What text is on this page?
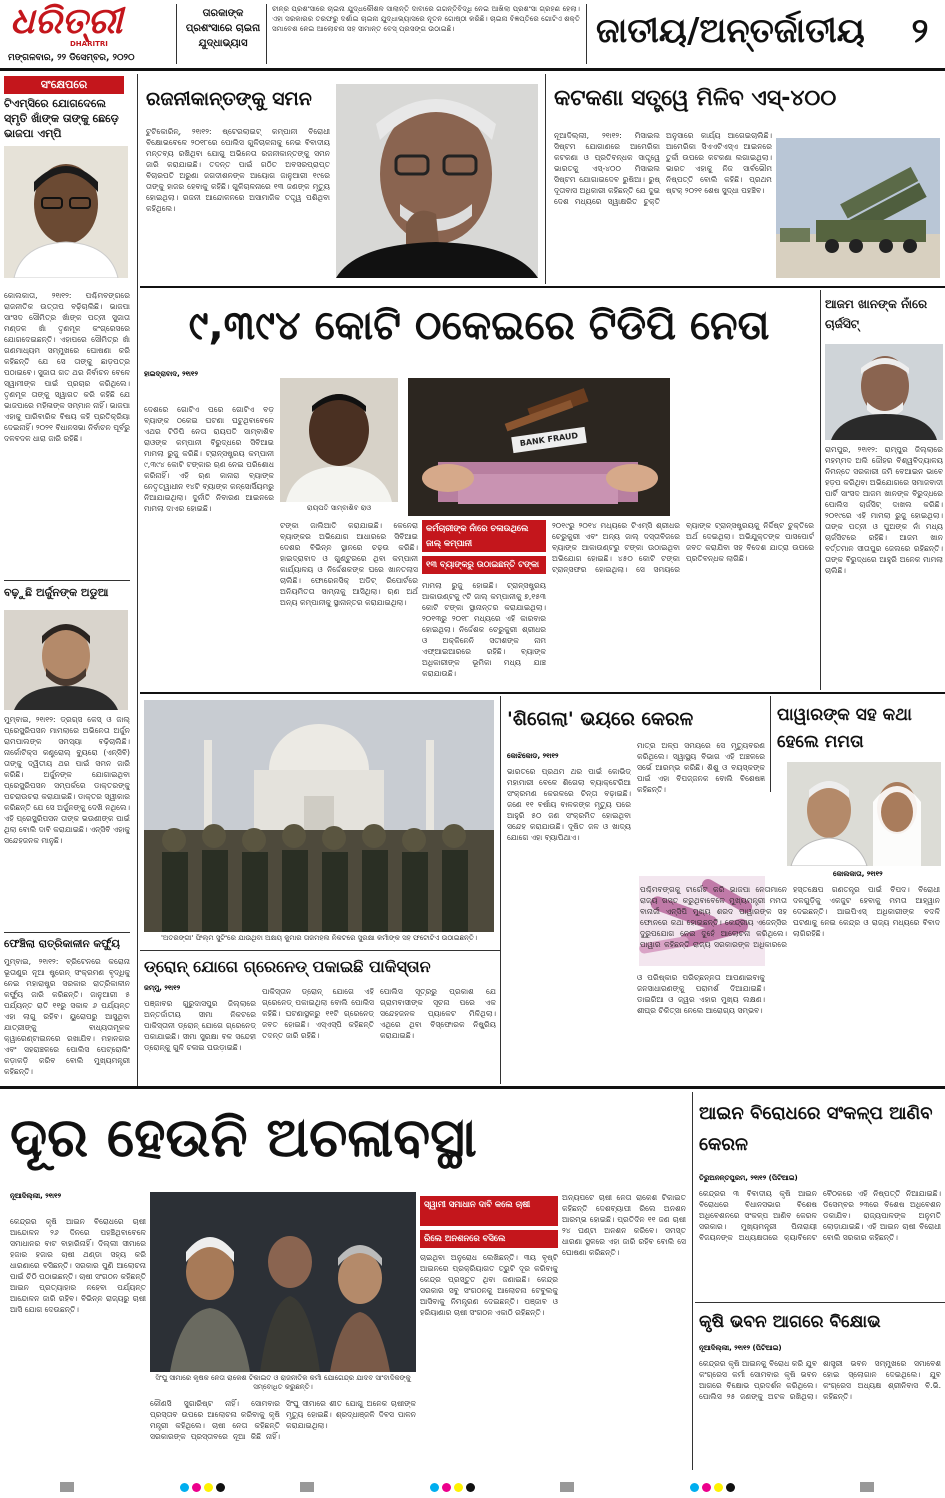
ଧରିତ୍ରୀ
DHARITRI
ମଙ୍ଗଳବାର, ୨୨ ଡିସେମ୍ବର, ୨୦୨୦
ତାରକାଙ୍କ ପ୍ରଶଂସାରେ ଚାଇନା ଯୁଦ୍ଧାଭ୍ୟାସ
ଚୀନ୍‌ର ପ୍ରଶଂସାରେ ଚାଇନା ଯୁଦ୍ଧକୌଶଳ ସାଲାନ୍ତି ଦାବାରେ ଗଗନ୍ତିବିଦ୍ଧି ନେଇ ଆଖିଲା ପ୍ରଶଂସା ଗ୍ରହଣ ହେଲା। ଏହା ସରକାରର ତରଫରୁ ଦର୍ଶାଇ ଚାଇନା ଯୁଦ୍ଧାଭ୍ୟାସରେ ନୂତନ ଗୋଷ୍ଠୀ କରିଛି। ଚାଇନା ବିଜ୍ଞପ୍ତିରେ ଗୋଟିଏ ଶକ୍ତି ସମାବେଶ ନେଇ ଆଲୋଚନା ସହ ସୀମାନ୍ତ ବେସ୍ ପ୍ରସଙ୍ଗ ଉଠାଇଛି।	ଜାତୀୟ/ଅନ୍ତର୍ଜାତୀୟ	୨
ସଂକ୍ଷେପରେ
ଟିଏମ୍‌ସିରେ ଯୋଗଦେଲେ ସ୍ମୃତି ଖାଁଙ୍କ ତାଙ୍କୁ ଛେଡ଼େ ଭାଜପା ଏମ୍‌ପି
କୋଲକାତା, ୨୧ା୧୨: ପଶ୍ଚିମବଙ୍ଗରେ ରାଜନୀତିକ ଉତ୍ତାପ ବଢ଼ିଚାଲିଛି। ଭାଜପା ସାଂସଦ ସୌମିତ୍ର ଖାଁଙ୍କ ପତ୍ନୀ ସୁଜାତା ମଣ୍ଡଳ ଖାଁ ତୃଣମୂଳ କଂଗ୍ରେସରେ ଯୋଗଦେଇଛନ୍ତି। ଏହାପରେ ସୌମିତ୍ର ଖାଁ ଗଣମାଧ୍ୟମ ସମ୍ମୁଖରେ ଘୋଷଣା କରି କହିଛନ୍ତି ଯେ ସେ ତାଙ୍କୁ ଛାଡ଼ପତ୍ର ପଠାଇବେ। ସୁଜାତା ଗତ ଥର ନିର୍ବାଚନ ବେଳେ ସ୍ୱାମୀଙ୍କ ପାଇଁ ପ୍ରଚାର କରିଥିଲେ। ତୃଣମୂଳ ତାଙ୍କୁ ସ୍ୱାଗତ କରି କହିଛି ଯେ ଭାଜପାରେ ମହିଳାଙ୍କ ସମ୍ମାନ ନାହିଁ। ଭାଜପା ଏହାକୁ ପାରିବାରିକ ବିଷୟ କହି ପ୍ରତିକ୍ରିୟା ଦେଇନାହିଁ। ୨୦୨୧ ବିଧାନସଭା ନିର୍ବାଚନ ପୂର୍ବରୁ ଦଳବଦଳ ଧାରା ଜାରି ରହିଛି।
ବଢ଼ୁଛି ଅର୍ଜୁନଙ୍କ ଅଡୁଆ
ମୁମ୍ବାଇ, ୨୧ା୧୨: ଡ୍ରଗ୍ସ କେସ୍ ଓ ଜାଲ୍ ପ୍ରେସ୍କ୍ରିପସନ ମାମଲାରେ ଅଭିନେତା ଅର୍ଜୁନ ରାମପାଲଙ୍କ ସମସ୍ୟା ବଢ଼ିଚାଲିଛି। ନାର୍କୋଟିକ୍ସ କଣ୍ଟ୍ରୋଲ୍ ବ୍ୟୁରୋ (ଏନ୍‌ସିବି) ତାଙ୍କୁ ଦ୍ୱିତୀୟ ଥର ପାଇଁ ସମନ ଜାରି କରିଛି। ଅର୍ଜୁନଙ୍କ ଯୋଗାଇଥିବା ପ୍ରେସ୍କ୍ରିପସନ ସମ୍ପର୍କରେ ଡାକ୍ତରଙ୍କୁ ପଚରାଉଚରା କରାଯାଇଛି। ଡାକ୍ତର ସ୍ୱୀକାର କରିଛନ୍ତି ଯେ ସେ ଅର୍ଜୁନଙ୍କୁ ଦେଖି ନଥିଲେ। ଏହି ପ୍ରେସ୍କ୍ରିପସନ ତାଙ୍କ ଭଉଣୀଙ୍କ ପାଇଁ ଥିଲା ବୋଲି ଦାବି କରାଯାଇଛି। ଏନ୍‌ସିବି ଏହାକୁ ସନ୍ଦେହଜନକ ମାନୁଛି।
ଫେଞ୍ଚିଲା ରାତ୍ରିକାଳୀନ କର୍ଫ୍ୟୁ
ମୁମ୍ବାଇ, ୨୧ା୧୨: ବ୍ରିଟେନରେ କରୋନା ଭୂତାଣୁର ନୂଆ ଷ୍ଟ୍ରେନ୍ ସଂକ୍ରମଣ ବୃଦ୍ଧିକୁ ନେଇ ମହାରାଷ୍ଟ୍ର ସରକାର ରାତ୍ରିକାଳୀନ କର୍ଫ୍ୟୁ ଜାରି କରିଛନ୍ତି। ଜାନୁଆରୀ ୫ ପର୍ଯ୍ୟନ୍ତ ରାତି ୧୧ରୁ ସକାଳ ୬ ପର୍ଯ୍ୟନ୍ତ ଏହା ଲାଗୁ ରହିବ। ୟୁରୋପରୁ ଆସୁଥିବା ଯାତ୍ରୀଙ୍କୁ ବାଧ୍ୟତାମୂଳକ କ୍ୱାରେଣ୍ଟାଇନରେ ରଖାଯିବ। ମହାନଗର ଏବଂ ସହରାଞ୍ଚଳରେ ପୋଲିସ ପେଟ୍ରୋଲିଂ କଡ଼ାକଡ଼ି କରିବ ବୋଲି ମୁଖ୍ୟମନ୍ତ୍ରୀ କହିଛନ୍ତି।
ରଜନୀକାନ୍ତଙ୍କୁ ସମନ
ଟୁଟିକୋରିନ୍, ୨୧ା୧୨: ଷ୍ଟେରଲାଇଟ୍ କମ୍ପାନୀ ବିରୋଧୀ ବିକ୍ଷୋଭବେଳେ ୨୦୧୮ରେ ପୋଲିସ ଗୁଳିଚାଳନାକୁ ନେଇ ବିବାଦୀୟ ମନ୍ତବ୍ୟ ରଖିଥିବା ଯୋଗୁ ଅଭିନେତା ରଜନୀକାନ୍ତଙ୍କୁ ସମନ ଜାରି କରାଯାଇଛି। ତଦନ୍ତ ପାଇଁ ଗଠିତ ଅବସରପ୍ରାପ୍ତ ବିଚାରପତି ଅରୁଣା ଜଗଦୀଶନଙ୍କ ଆୟୋଗ ଜାନୁଆରୀ ୧୯ରେ ତାଙ୍କୁ ହାଜର ହେବାକୁ କହିଛି। ଗୁଳିଚାଳନାରେ ୧୩ ଜଣଙ୍କ ମୃତ୍ୟୁ ହୋଇଥିଲା। ରଜନୀ ଆନ୍ଦୋଳନରେ ଅସାମାଜିକ ତତ୍ତ୍ୱ ପଶିଥିବା କହିଥିଲେ।
କଟକଣା ସତ୍ତ୍ୱେ ମିଳିବ ଏସ୍‌-୪୦୦
ନୂଆଦିଲ୍ଲୀ, ୨୧ା୧୨: ମିସାଇଲ ସିଷ୍ଟମ ଯୋଗାଣରେ ଆମେରିକା କଟକଣା ଓ ପ୍ରତିବନ୍ଧକ ସାତ୍ତ୍ୱେ ଭାରତକୁ ଏସ୍‌-୪୦୦ ମିସାଇଲ ସିଷ୍ଟମ ଯୋଗାଇଦେବ ରୁଷିଆ। ରୁଷ୍‌ ଦୂତାବାସ ଅଧିକାରୀ କହିଛନ୍ତି ଯେ ଦୁଇ ଦେଶ ମଧ୍ୟରେ ସ୍ୱାକ୍ଷରିତ ଚୁକ୍ତି ଅନୁସାରେ କାର୍ଯ୍ୟ ଆଗେଇଚାଲିଛି। ଆମେରିକା ସିଏଏଟିଏସ୍‌ଏ ଆଇନରେ ତୁର୍କୀ ଉପରେ କଟକଣା ଲଗାଇଥିଲା। ଭାରତ ଏହାକୁ ନିଜ ସାର୍ବଭୌମ ନିଷ୍ପତ୍ତି ବୋଲି କହିଛି। ପ୍ରଥମ ଷ୍ଟକ୍ ୨୦୨୧ ଶେଷ ସୁଦ୍ଧା ପହଞ୍ଚିବ।
୯,୩୯୪ କୋଟି ଠକେଇରେ ଟିଡିପି ନେତା
ହାଇଦ୍ରାବାଦ, ୨୧ା୧୨
ଦେଶରେ ଗୋଟିଏ ପରେ ଗୋଟିଏ ବଡ଼ ବ୍ୟାଙ୍କ ଠକେଇ ଘଟଣା ଘଟୁଥିବାବେଳେ ଏଥର ଟିଡିପି ନେତା ରାୟପତି ସାମ୍ବାଶିବ ରାଓଙ୍କ କମ୍ପାନୀ ବିରୁଦ୍ଧରେ ସିବିଆଇ ମାମଲା ରୁଜୁ କରିଛି। ଟ୍ରାନ୍ସଷ୍ଟ୍ରୟ କମ୍ପାନୀ ୯,୩୯୪ କୋଟି ଟଙ୍କାର ଋଣ ନେଇ ପରିଶୋଧ କରିନାହିଁ। ଏହି ଋଣ କାନାରା ବ୍ୟାଙ୍କ ନେତୃତ୍ୱାଧୀନ ୧୪ଟି ବ୍ୟାଙ୍କ କନ୍‌ସୋର୍ସିୟମରୁ ନିଆଯାଇଥିଲା। ଦୁର୍ନୀତି ନିବାରଣ ଆଇନରେ ମାମଲା ଦାଏର ହୋଇଛି।	ରାୟପତି ସାମ୍ବାଶିବ ରାଓ
BANK FRAUD
ଟଙ୍କା ଜାଲିଆତି କରାଯାଇଛି। କେନେରା ବ୍ୟାଙ୍କର ଅଭିଯୋଗ ଆଧାରରେ ସିବିଆଇ ଦେଶର ବିଭିନ୍ନ ସ୍ଥାନରେ ଚଢ଼ଉ କରିଛି। ହାଇଦ୍ରାବାଦ ଓ ଗୁଣ୍ଟୁରରେ ଥିବା କମ୍ପାନୀ କାର୍ଯ୍ୟାଳୟ ଓ ନିର୍ଦ୍ଦେଶକଙ୍କ ଘରେ ଖାନତଲାସ ଚାଲିଛି। ଫୋରେନସିକ୍ ଅଡିଟ୍ ରିପୋର୍ଟରେ ଅନିୟମିତତା ସାମ୍ନାକୁ ଆସିଥିଲା। ଋଣ ଅର୍ଥ ଅନ୍ୟ କମ୍ପାନୀକୁ ସ୍ଥାନାନ୍ତର କରାଯାଇଥିଲା।
କର୍ମଚାରୀଙ୍କ ନାଁରେ ଚଳାଉଥିଲେ ଜାଲ୍ କମ୍ପାନୀ
୧୩ ବ୍ୟାଙ୍କରୁ ଉଠାଇଛନ୍ତି ଟଙ୍କା
ମାମଲା ରୁଜୁ ହୋଇଛି। ଟ୍ରାନ୍ସଷ୍ଟ୍ରୟ ଆକାଉଣ୍ଟକୁ ୯ଟି ଜାଲ୍ କମ୍ପାନୀକୁ ୭,୧୫୩ କୋଟି ଟଙ୍କା ସ୍ଥାନାନ୍ତର କରାଯାଇଥିଲା। ୨୦୧୩ରୁ ୨୦୧୮ ମଧ୍ୟରେ ଏହି କାରବାର ହୋଇଥିଲା। ନିର୍ଦ୍ଦେଶକ ଚେରୁକୁରୀ ଶ୍ରୀଧର ଓ ଅକ୍କିନେନି ସତୀଶଙ୍କ ନାମ ଏଫ୍‌ଆଇଆରରେ ରହିଛି। ବ୍ୟାଙ୍କ ଅଧିକାରୀଙ୍କ ଭୂମିକା ମଧ୍ୟ ଯାଞ୍ଚ କରାଯାଉଛି।
୨୦୧୯ରୁ ୨୦୧୪ ମଧ୍ୟରେ ଟିଏମ୍‌ସି ଶ୍ରୀଧର ଚେରୁକୁରୀ ଏବଂ ଅନ୍ୟ ଜାଲ୍ ଦସ୍ତାବିଜରେ ବ୍ୟାଙ୍କ ଆକାଉଣ୍ଟରୁ ଟଙ୍କା ଉଠାଇଥିବା ଅଭିଯୋଗ ହୋଇଛି। ୪୫୦ କୋଟି ଟଙ୍କା ଟ୍ରାନ୍ସଫର ହୋଇଥିଲା। ସେ ସମୟରେ ବ୍ୟାଙ୍କ ଟ୍ରାନ୍ସଷ୍ଟ୍ରୟକୁ ନିର୍ଦ୍ଦିଷ୍ଟ ଚୁକ୍ତିରେ ଅର୍ଥ ଦେଇଥିଲା। ଅଭିଯୁକ୍ତଙ୍କ ପାସପୋର୍ଟ ଜବତ କରାଯିବା ସହ ବିଦେଶ ଯାତ୍ରା ଉପରେ ପ୍ରତିବନ୍ଧକ ଲାଗିଛି।
ଆଜମ ଖାନଙ୍କ ନାଁରେ ଚାର୍ଜସିଟ୍
ରାମପୁର, ୨୧ା୧୨: ରାମ୍ପୁର ଜିଲ୍ଲାରେ ମହମ୍ମଦ ଅଲି ଜୌହର ବିଶ୍ୱବିଦ୍ୟାଳୟ ନିମନ୍ତେ ସରକାରୀ ଜମି ବେଆଇନ ଭାବେ ହଡ଼ପ କରିଥିବା ଅଭିଯୋଗରେ ସମାଜବାଦୀ ପାର୍ଟି ସାଂସଦ ଆଜମ ଖାନଙ୍କ ବିରୁଦ୍ଧରେ ପୋଲିସ ଚାର୍ଜସିଟ୍ ଦାଖଲ କରିଛି। ୨୦୧୯ରେ ଏହି ମାମଲା ରୁଜୁ ହୋଇଥିଲା। ତାଙ୍କ ପତ୍ନୀ ଓ ପୁଅଙ୍କ ନାଁ ମଧ୍ୟ ଚାର୍ଜସିଟରେ ରହିଛି। ଆଜମ ଖାନ ବର୍ତ୍ତମାନ ସୀତାପୁର ଜେଲରେ ରହିଛନ୍ତି। ତାଙ୍କ ବିରୁଦ୍ଧରେ ଆହୁରି ଅନେକ ମାମଲା ଚାଲିଛି।
'ଅତରଙ୍ଗୀ' ଫିଲ୍ମ ସୁଟିଂରେ ଯାଉଥିବା ଅକ୍ଷୟ କୁମାର ତାଜମହଲ ନିକଟରେ ସୁରକ୍ଷା କର୍ମୀଙ୍କ ସହ ଫଟୋଟିଏ ଉଠାଇଛନ୍ତି।
ଡ୍ରୋନ୍ ଯୋଗେ ଗ୍ରେନେଡ୍ ପକାଇଛି ପାକିସ୍ତାନ
ଜମ୍ମୁ, ୨୧ା୧୨
ପଞ୍ଜାବର ଗୁରୁଦାସପୁର ଜିଲ୍ଲାରେ ଅନ୍ତର୍ଜାତୀୟ ସୀମା ନିକଟରେ ପାକିସ୍ତାନୀ ଡ୍ରୋନ୍ ଯୋଗେ ଗ୍ରେନେଡ୍ ପକାଯାଇଛି। ସୀମା ସୁରକ୍ଷା ବଳ ସନ୍ଦେହୀ ଡ୍ରୋନ୍‌କୁ ଗୁଳି ଚଳାଇ ଘଉଡ଼ାଇଛି।
ପାକିସ୍ତାନ ଡ୍ରୋନ୍ ଯୋଗେ ଏହି ଗ୍ରେନେଡ୍ ପକାଇଥିଲା ବୋଲି ପୋଲିସ କହିଛି। ଘଟଣାସ୍ଥଳରୁ ୧୧ଟି ଗ୍ରେନେଡ୍ ଜବତ ହୋଇଛି। ଏସ୍‌ଏସ୍‌ପି କହିଛନ୍ତି ତଦନ୍ତ ଜାରି ରହିଛି।
ପୋଲିସ ସୂତ୍ରରୁ ପ୍ରକାଶ ଯେ ଗ୍ରାମବାସୀଙ୍କ ସୂଚନା ପରେ ଏକ ସନ୍ଦେହଜନକ ପ୍ୟାକେଟ ମିଳିଥିଲା। ଏଥିରେ ଥିବା ବିସ୍ଫୋରକ ନିଷ୍କ୍ରିୟ କରାଯାଇଛି।
'ଶିଗେଲା' ଭୟରେ କେରଳ
କୋଝିକୋଡ, ୨୧ା୧୨
ଭାରତରେ ପ୍ରଥମ ଥର ପାଇଁ କୋଭିଡ୍ ମହାମାରୀ ବେଳେ ଶିଗେଲା ବ୍ୟାକ୍ଟେରିଆ ସଂକ୍ରମଣ କେରଳରେ ଚିନ୍ତା ବଢ଼ାଇଛି। ଜଣେ ୧୧ ବର୍ଷୀୟ ବାଳକଙ୍କ ମୃତ୍ୟୁ ପରେ ଆହୁରି ୫୦ ଜଣ ସଂକ୍ରମିତ ହୋଇଥିବା ସନ୍ଦେହ କରାଯାଉଛି। ଦୂଷିତ ଜଳ ଓ ଖାଦ୍ୟ ଯୋଗେ ଏହା ବ୍ୟାପିଥାଏ।
ମାତ୍ର ଅଳ୍ପ ସମୟରେ ସେ ମୃତ୍ୟୁବରଣ କରିଥିଲେ। ସ୍ୱାସ୍ଥ୍ୟ ବିଭାଗ ଏହି ଅଞ୍ଚଳରେ ସର୍ଭେ ଆରମ୍ଭ କରିଛି। ଶିଶୁ ଓ ବୟସ୍କଙ୍କ ପାଇଁ ଏହା ବିପଜ୍ଜନକ ବୋଲି ବିଶେଷଜ୍ଞ କହିଛନ୍ତି।
ଓ ପରିଷ୍କାର ପରିଚ୍ଛନ୍ନତା ଆପଣାଇବାକୁ ଜନସାଧାରଣଙ୍କୁ ପରାମର୍ଶ ଦିଆଯାଇଛି। ଡାଇରିଆ ଓ ଜ୍ୱର ଏହାର ମୁଖ୍ୟ ଲକ୍ଷଣ। ଶୀଘ୍ର ଚିକିତ୍ସା ନେଲେ ଆରୋଗ୍ୟ ସମ୍ଭବ।
ପାୱାରଙ୍କ ସହ କଥା ହେଲେ ମମତା
କୋଲକାତା, ୨୧ା୧୨
ପଶ୍ଚିମବଙ୍ଗକୁ ଟାର୍ଗେଟ କରି ଭାଜପା ନେତାମାନେ ରାଜ୍ୟ ଗସ୍ତ କରୁଥିବାବେଳେ ମୁଖ୍ୟମନ୍ତ୍ରୀ ମମତା ବାନାର୍ଜୀ ଏନ୍‌ସିପି ମୁଖ୍ୟ ଶରଦ ପାୱାରଙ୍କ ସହ ଫୋନରେ କଥା ହୋଇଛନ୍ତି। କେନ୍ଦ୍ରୀୟ ଏଜେନ୍ସିର ଦୁରୁପଯୋଗ ନେଇ ଦୁହେଁ ଆଲୋଚନା କରିଥିଲେ। ପାୱାର କହିଛନ୍ତି ରାଜ୍ୟ ସରକାରଙ୍କ ଅଧିକାରରେ ହସ୍ତକ୍ଷେପ ଗଣତନ୍ତ୍ର ପାଇଁ ବିପଦ। ବିରୋଧୀ ଦଳଗୁଡ଼ିକୁ ଏକଜୁଟ ହେବାକୁ ମମତା ଆହ୍ୱାନ ଦେଇଛନ୍ତି। ଆଇପିଏସ୍ ଅଧିକାରୀଙ୍କ ବଦଳି ଘଟଣାକୁ ନେଇ କେନ୍ଦ୍ର ଓ ରାଜ୍ୟ ମଧ୍ୟରେ ବିବାଦ ଲାଗିରହିଛି।
ଦୂର ହେଉନି ଅଚଳାବସ୍ଥା
ନୂଆଦିଲ୍ଲୀ, ୨୧ା୧୨
କେନ୍ଦ୍ରର କୃଷି ଆଇନ ବିରୋଧରେ ଚାଷୀ ଆନ୍ଦୋଳନ ୨୬ ଦିନରେ ପହଞ୍ଚିଥିବାବେଳେ ସମାଧାନର ବାଟ ବାହାରିନାହିଁ। ଦିଲ୍ଲୀ ସୀମାରେ ହଜାର ହଜାର ଚାଷୀ ଥଣ୍ଡା ସହ୍ୟ କରି ଧାରଣାରେ ବସିଛନ୍ତି। ସରକାର ପୁଣି ଆଲୋଚନା ପାଇଁ ଚିଠି ପଠାଇଛନ୍ତି। ଚାଷୀ ସଂଗଠନ କହିଛନ୍ତି ଆଇନ ପ୍ରତ୍ୟାହାର ନହେବା ପର୍ଯ୍ୟନ୍ତ ଆନ୍ଦୋଳନ ଜାରି ରହିବ। ବିଭିନ୍ନ ରାଜ୍ୟରୁ ଚାଷୀ ଆସି ଯୋଗ ଦେଉଛନ୍ତି।
ସିଂଘୁ ସୀମାରେ କୃଷକ ନେତା ରାକେଶ ଟିକାଇତ ଓ ରାଜନୀତିକ କର୍ମୀ ଯୋଗେନ୍ଦ୍ର ଯାଦବ ସାଂବାଦିକଙ୍କୁ ସମ୍ବୋଧିତ କରୁଛନ୍ତି।
କୌଣସି ସୁଗାରିଷ୍ଟ ନାହିଁ। ସୋମବାର ପ୍ରସ୍ତାବ ଉପରେ ଆଲୋଚନା କରିବାକୁ କୃଷି ମନ୍ତ୍ରୀ କହିଥିଲେ। ଚାଷୀ ନେତା କହିଛନ୍ତି ସରକାରଙ୍କ ପ୍ରସ୍ତାବରେ ନୂଆ କିଛି ନାହିଁ। ସିଂଘୁ ସୀମାରେ ଶୀତ ଯୋଗୁ ଅନେକ ଚାଷୀଙ୍କ ମୃତ୍ୟୁ ହୋଇଛି। ଶ୍ରଦ୍ଧାଞ୍ଜଳି ଦିବସ ପାଳନ କରାଯାଇଥିଲା।
ସ୍ୱାମୀ ସମାଧାନ ଦାବି କଲେ ଚାଷୀ
ରିଲେ ଅନଶନରେ ବସିଲେ
ଚାଇଥିବା ଅନୁରୋଧ ଲେଖିଛନ୍ତି। ୩ୟ ବୃଷ୍ଟି ଆଇନରେ ପ୍ରକ୍ରିୟାଗତ ତ୍ରୁଟି ଦୂର କରିବାକୁ କେନ୍ଦ୍ର ପ୍ରସ୍ତୁତ ଥିବା ଜଣାଇଛି। କେନ୍ଦ୍ର ସରକାର ସବୁ ସଂଗଠନକୁ ଆଲୋଚନା ଟେବୁଲକୁ ଆସିବାକୁ ନିମନ୍ତ୍ରଣ ଦେଇଛନ୍ତି। ପଞ୍ଜାବ ଓ ହରିୟାଣାର ଚାଷୀ ସଂଗଠନ ଏକାଠି ରହିଛନ୍ତି।
ଅନ୍ୟପଟେ ଚାଷୀ ନେତା ରାକେଶ ଟିକାଇତ କହିଛନ୍ତି ଦେଶବ୍ୟାପୀ ରିଲେ ଅନଶନ ଆରମ୍ଭ ହୋଇଛି। ପ୍ରତିଦିନ ୧୧ ଜଣ ଚାଷୀ ୨୪ ଘଣ୍ଟା ଅନଶନ କରିବେ। ସମସ୍ତ ଧାରଣା ସ୍ଥଳରେ ଏହା ଜାରି ରହିବ ବୋଲି ସେ ଘୋଷଣା କରିଛନ୍ତି।
ଆଇନ ବିରୋଧରେ ସଂକଳ୍ପ ଆଣିବ କେରଳ
ତିରୁଅନନ୍ତପୁରମ, ୨୧ା୧୨ (ପିଟିଆଇ)
କେନ୍ଦ୍ରର ୩ ବିବାଦୀୟ କୃଷି ଆଇନ ବିରୋଧରେ ବିଧାନସଭାର ବିଶେଷ ଅଧିବେଶନରେ ସଂକଳ୍ପ ଆଣିବ କେରଳ ସରକାର। ମୁଖ୍ୟମନ୍ତ୍ରୀ ପିନାରାୟୀ ବିଜୟନଙ୍କ ଅଧ୍ୟକ୍ଷତାରେ କ୍ୟାବିନେଟ ବୈଠକରେ ଏହି ନିଷ୍ପତ୍ତି ନିଆଯାଇଛି। ଡିସେମ୍ବର ୨୩ରେ ବିଶେଷ ଅଧିବେଶନ ଡକାଯିବ। ରାଜ୍ୟପାଳଙ୍କ ଅନୁମତି ଲୋଡ଼ାଯାଇଛି। ଏହି ଆଇନ ଚାଷୀ ବିରୋଧୀ ବୋଲି ସରକାର କହିଛନ୍ତି।
କୃଷି ଭବନ ଆଗରେ ବିକ୍ଷୋଭ
ନୂଆଦିଲ୍ଲୀ, ୨୧ା୧୨ (ପିଟିଆଇ)
କେନ୍ଦ୍ରର କୃଷି ଆଇନକୁ ବିରୋଧ କରି ଯୁବ କଂଗ୍ରେସ କର୍ମୀ ସୋମବାର କୃଷି ଭବନ ଆଗରେ ବିକ୍ଷୋଭ ପ୍ରଦର୍ଶନ କରିଥିଲେ। ପୋଲିସ ୨୫ ଜଣଙ୍କୁ ଅଟକ ରଖିଥିଲା। ଶାସ୍ତ୍ରୀ ଭବନ ସମ୍ମୁଖରେ ସମାବେଶ ହୋଇ ସ୍ଲୋଗାନ ଦେଇଥିଲେ। ଯୁବ କଂଗ୍ରେସ ଅଧ୍ୟକ୍ଷ ଶ୍ରୀନିବାସ ବି.ଭି. କହିଛନ୍ତି।
